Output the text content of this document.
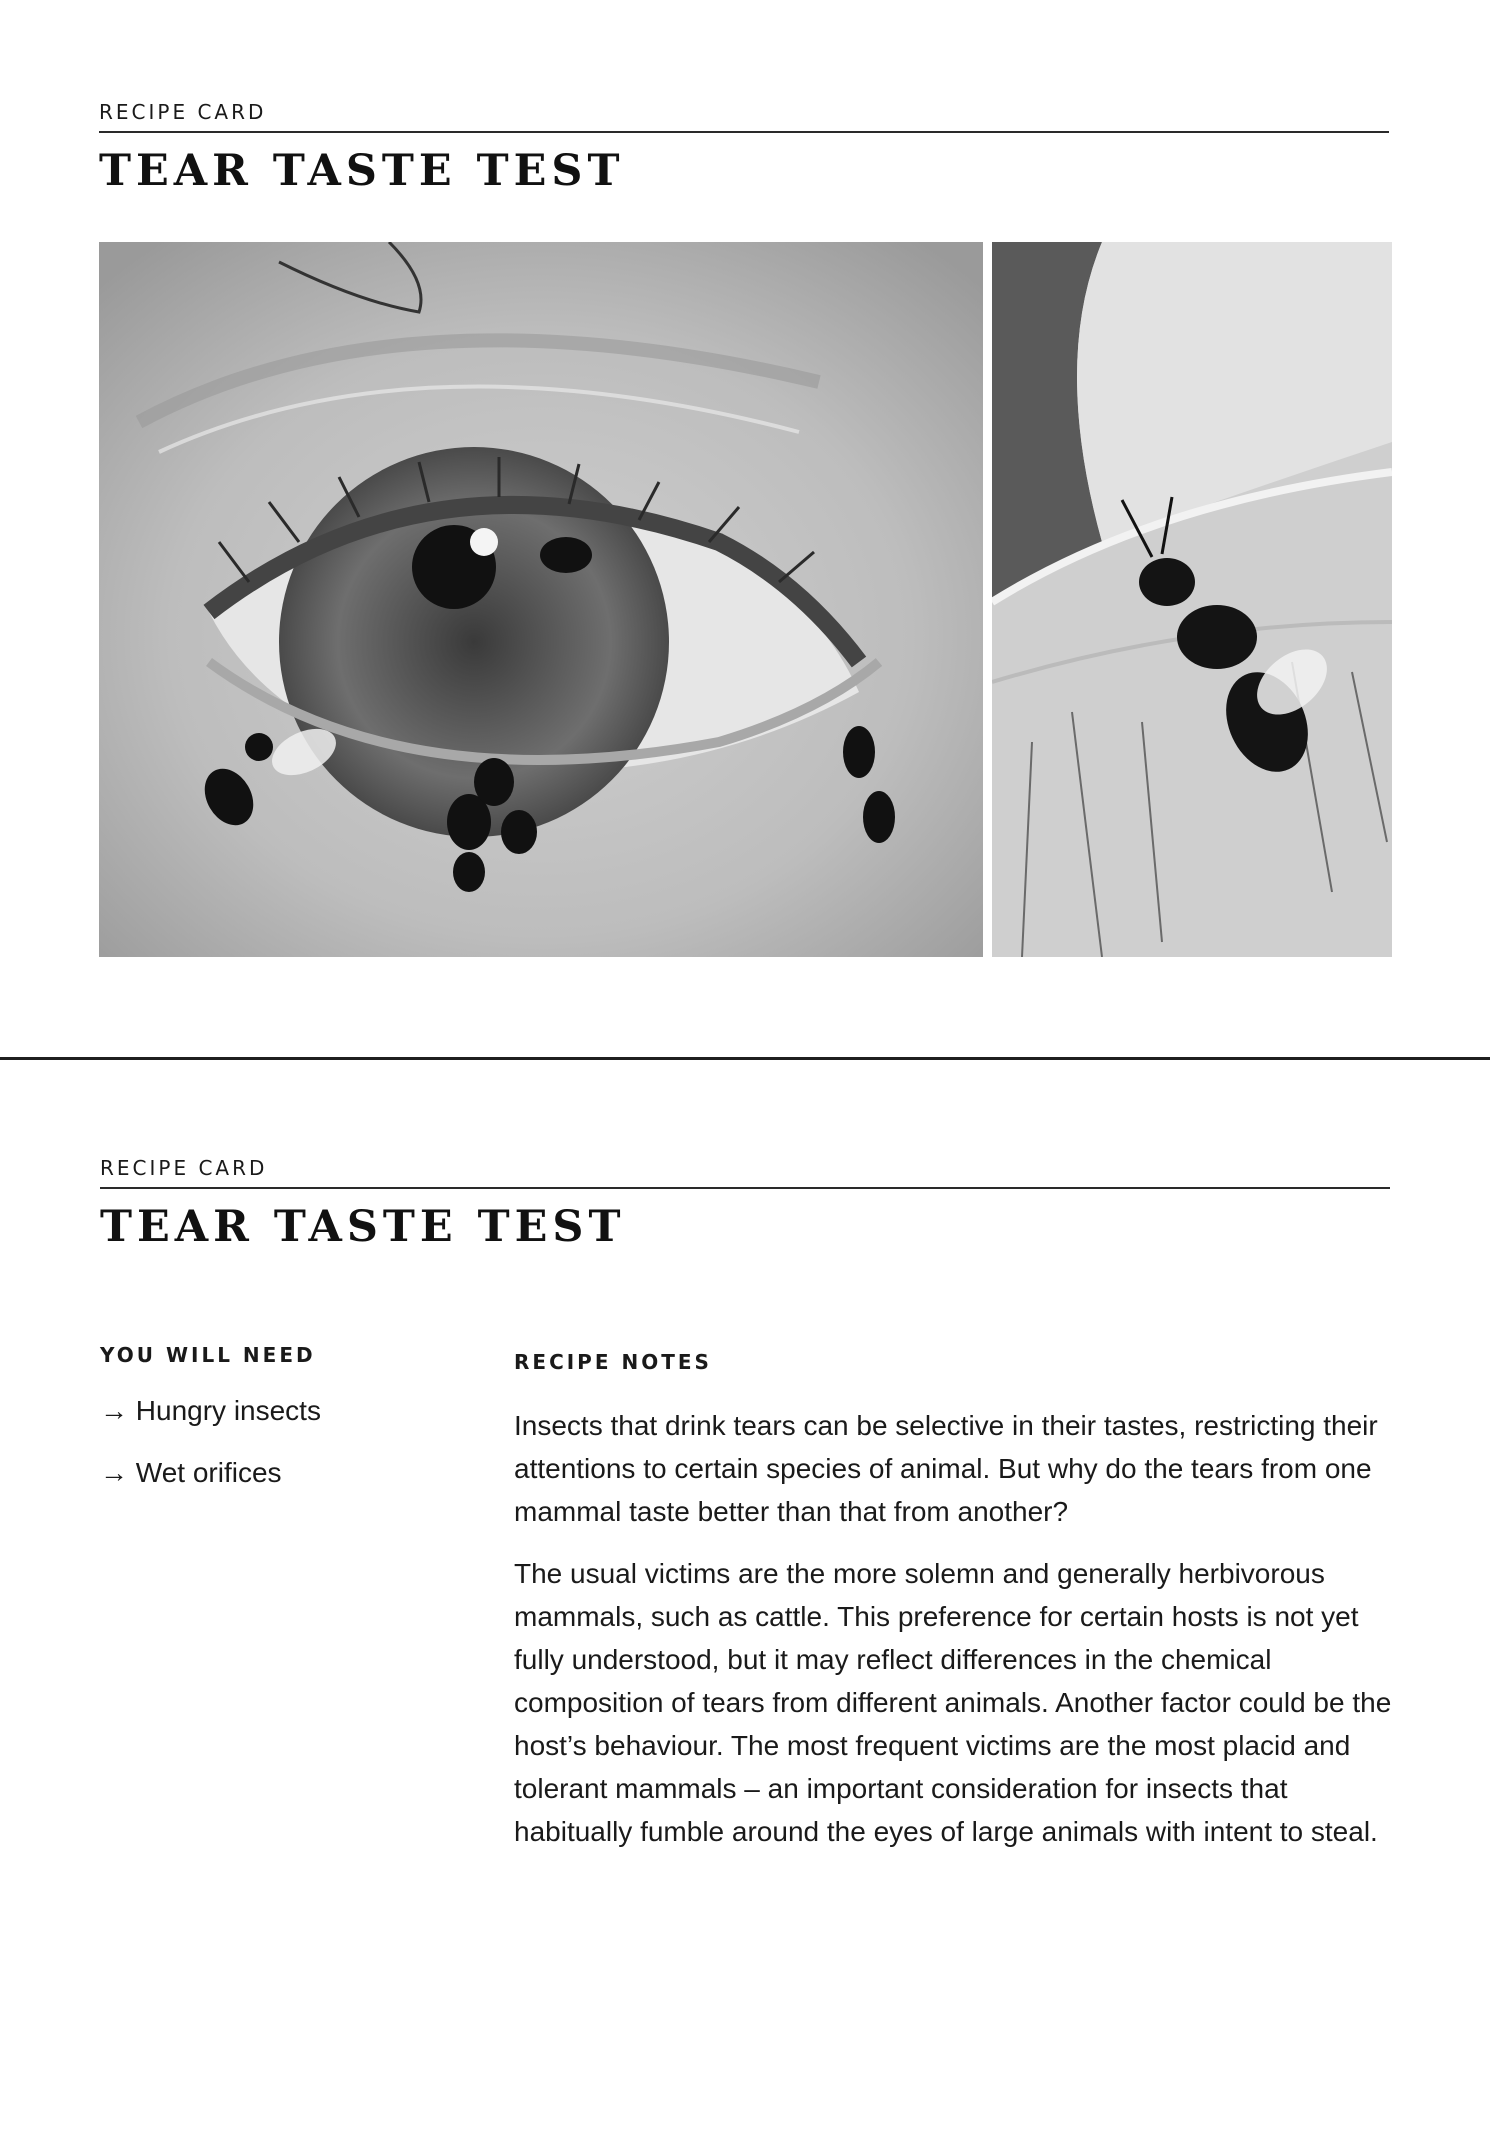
RECIPE CARD

TEAR TASTE TEST

RECIPE CARD

TEAR TASTE TEST
YOU WILL NEED
→ Hungry insects
→ Wet orifices
RECIPE NOTES

Insects that drink tears can be selective in their tastes, restricting their attentions to certain species of animal. But why do the tears from one mammal taste better than that from another?

The usual victims are the more solemn and generally herbivorous mammals, such as cattle. This preference for certain hosts is not yet fully understood, but it may reflect differences in the chemical composition of tears from different animals. Another factor could be the host’s behaviour. The most frequent victims are the most placid and tolerant mammals – an important consideration for insects that habitually fumble around the eyes of large animals with intent to steal.
